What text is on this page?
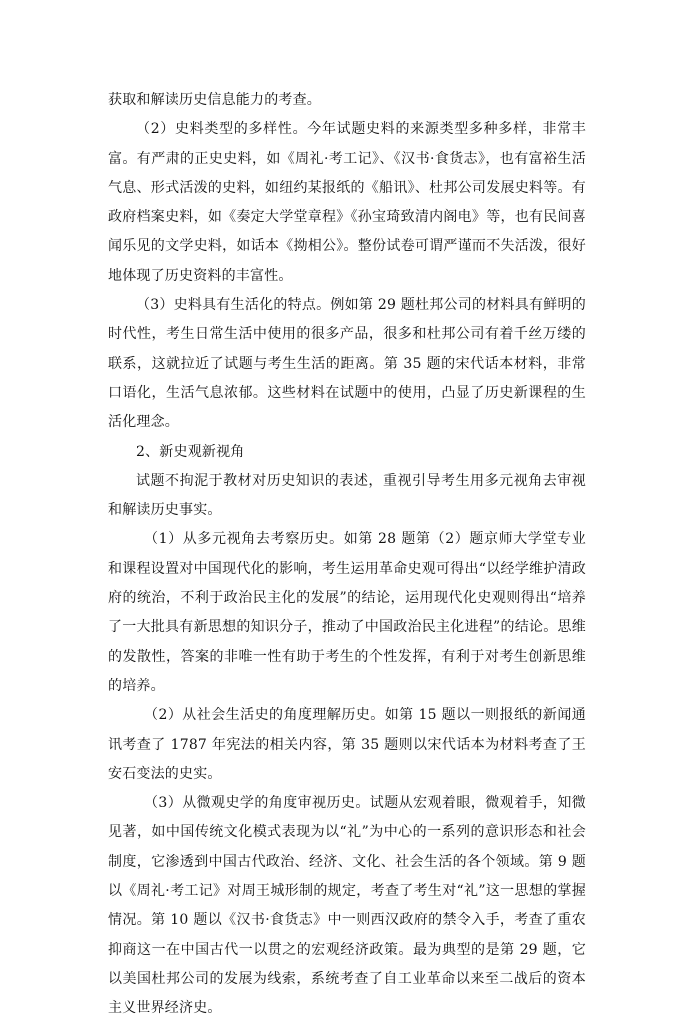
获取和解读历史信息能力的考查。

（2）史料类型的多样性。今年试题史料的来源类型多种多样，非常丰富。有严肃的正史史料，如《周礼·考工记》、《汉书·食货志》，也有富裕生活气息、形式活泼的史料，如纽约某报纸的《船讯》、杜邦公司发展史料等。有政府档案史料，如《奏定大学堂章程》《孙宝琦致清内阁电》等，也有民间喜闻乐见的文学史料，如话本《拗相公》。整份试卷可谓严谨而不失活泼，很好地体现了历史资料的丰富性。

（3）史料具有生活化的特点。例如第 29 题杜邦公司的材料具有鲜明的时代性，考生日常生活中使用的很多产品，很多和杜邦公司有着千丝万缕的联系，这就拉近了试题与考生生活的距离。第 35 题的宋代话本材料，非常口语化，生活气息浓郁。这些材料在试题中的使用，凸显了历史新课程的生活化理念。

2、新史观新视角

试题不拘泥于教材对历史知识的表述，重视引导考生用多元视角去审视和解读历史事实。

（1）从多元视角去考察历史。如第 28 题第（2）题京师大学堂专业和课程设置对中国现代化的影响，考生运用革命史观可得出“以经学维护清政府的统治，不利于政治民主化的发展”的结论，运用现代化史观则得出“培养了一大批具有新思想的知识分子，推动了中国政治民主化进程”的结论。思维的发散性，答案的非唯一性有助于考生的个性发挥，有利于对考生创新思维的培养。

（2）从社会生活史的角度理解历史。如第 15 题以一则报纸的新闻通讯考查了 1787 年宪法的相关内容，第 35 题则以宋代话本为材料考查了王安石变法的史实。

（3）从微观史学的角度审视历史。试题从宏观着眼，微观着手，知微见著，如中国传统文化模式表现为以“礼”为中心的一系列的意识形态和社会制度，它渗透到中国古代政治、经济、文化、社会生活的各个领域。第 9 题以《周礼·考工记》对周王城形制的规定，考查了考生对“礼”这一思想的掌握情况。第 10 题以《汉书·食货志》中一则西汉政府的禁令入手，考查了重农抑商这一在中国古代一以贯之的宏观经济政策。最为典型的是第 29 题，它以美国杜邦公司的发展为线索，系统考查了自工业革命以来至二战后的资本主义世界经济史。
